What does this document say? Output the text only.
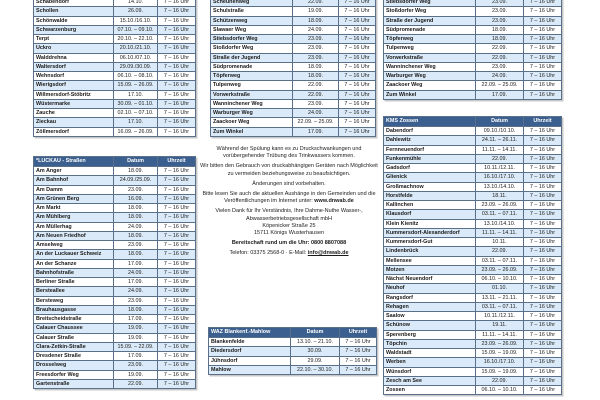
Schabendorf	14.10.	7 – 16 Uhr
Schollen	26.09.	7 – 16 Uhr
Schönwalde	15.10./16.10.	7 – 16 Uhr
Schwarzenburg	07.10. – 09.10.	7 – 16 Uhr
Terpt	20.10. – 22.10.	7 – 16 Uhr
Uckro	20.10./21.10.	7 – 16 Uhr
Walddrehna	06.10./07.10.	7 – 16 Uhr
Waltersdorf	29.09./30.09.	7 – 16 Uhr
Wehnsdorf	06.10. – 08.10.	7 – 16 Uhr
Wierigsdorf	15.09. – 26.09.	7 – 16 Uhr
Willmersdorf-Stöbritz	17.10.	7 – 16 Uhr
Wüstermarke	30.09. – 01.10.	7 – 16 Uhr
Zauche	02.10. – 07.10.	7 – 16 Uhr
Zieckau	17.10.	7 – 16 Uhr
Zöllmersdorf	16.09. – 26.09.	7 – 16 Uhr
*LUCKAU - Straßen	Datum	Uhrzeit
Am Anger	18.09.	7 – 16 Uhr
Am Bahnhof	24.09./25.09.	7 – 16 Uhr
Am Damm	23.09.	7 – 16 Uhr
Am Grünen Berg	16.09.	7 – 16 Uhr
Am Markt	18.09.	7 – 16 Uhr
Am Mühlberg	18.09.	7 – 16 Uhr
Am Müllerhag	24.09.	7 – 16 Uhr
Am Neuen Friedhof	18.09.	7 – 16 Uhr
Amselweg	23.09.	7 – 16 Uhr
An der Luckauer Schweiz	18.09.	7 – 16 Uhr
An der Schanze	17.09.	7 – 16 Uhr
Bahnhofstraße	24.09.	7 – 16 Uhr
Berliner Straße	17.09.	7 – 16 Uhr
Bersteallee	24.09.	7 – 16 Uhr
Bersteweg	23.09.	7 – 16 Uhr
Brauhausgasse	18.09.	7 – 16 Uhr
Breitscheidstraße	17.09.	7 – 16 Uhr
Calauer Chaussee	19.09.	7 – 16 Uhr
Calauer Straße	19.09.	7 – 16 Uhr
Clara-Zetkin-Straße	15.09. – 22.09.	7 – 16 Uhr
Dresdener Straße	17.09.	7 – 16 Uhr
Drosselweg	23.09.	7 – 16 Uhr
Freesdorfer Weg	19.09.	7 – 16 Uhr
Gartenstraße	22.09.	7 – 16 Uhr
Scheunenweg	22.09.	7 – 16 Uhr
Schulstraße	19.09.	7 – 16 Uhr
Schützenweg	18.09.	7 – 16 Uhr
Slawaer Weg	24.09.	7 – 16 Uhr
Stiebsdorfer Weg	23.09.	7 – 16 Uhr
Stoßdorfer Weg	23.09.	7 – 16 Uhr
Straße der Jugend	23.09.	7 – 16 Uhr
Südpromenade	18.09.	7 – 16 Uhr
Töpferweg	18.09.	7 – 16 Uhr
Tulpenweg	22.09.	7 – 16 Uhr
Vorwerkstraße	22.09.	7 – 16 Uhr
Wanninchener Weg	23.09.	7 – 16 Uhr
Warburger Weg	24.09.	7 – 16 Uhr
Zaackoer Weg	22.09. – 25.09.	7 – 16 Uhr
Zum Winkel	17.09.	7 – 16 Uhr
Stiebsdorfer Weg	23.09.	7 – 16 Uhr
Stoßdorfer Weg	23.09.	7 – 16 Uhr
Straße der Jugend	23.09.	7 – 16 Uhr
Südpromenade	18.09.	7 – 16 Uhr
Töpferweg	18.09.	7 – 16 Uhr
Tulpenweg	22.09.	7 – 16 Uhr
Vorwerkstraße	22.09.	7 – 16 Uhr
Wanninchener Weg	23.09.	7 – 16 Uhr
Warburger Weg	24.09.	7 – 16 Uhr
Zaackoer Weg	22.09. – 25.09.	7 – 16 Uhr
Zum Winkel	17.09.	7 – 16 Uhr
KMS Zossen	Datum	Uhrzeit
Dabendorf	09.10./10.10.	7 – 16 Uhr
Dahlewitz	24.11. – 26.11.	7 – 16 Uhr
Fernneuendorf	11.11. – 14.11.	7 – 16 Uhr
Funkenmühle	22.09.	7 – 16 Uhr
Gadsdorf	10.11./12.11.	7 – 16 Uhr
Glienick	16.10./17.10.	7 – 16 Uhr
Großmachnow	13.10./14.10.	7 – 16 Uhr
Horstfelde	18.11.	7 – 16 Uhr
Kallinchen	23.09. – 26.09.	7 – 16 Uhr
Klausdorf	03.11. – 07.11.	7 – 16 Uhr
Klein Kienitz	13.10./14.10.	7 – 16 Uhr
Kummersdorf-Alexanderdorf	11.11. – 14.11.	7 – 16 Uhr
Kummersdorf-Gut	10.11.	7 – 16 Uhr
Lindenbrück	22.09.	7 – 16 Uhr
Mellensee	03.11. – 07.11.	7 – 16 Uhr
Motzen	23.09. – 26.09.	7 – 16 Uhr
Nächst Neuendorf	06.10. – 10.10.	7 – 16 Uhr
Neuhof	01.10.	7 – 16 Uhr
Rangsdorf	13.11. – 21.11.	7 – 16 Uhr
Rehagen	03.11. – 07.11.	7 – 16 Uhr
Saalow	10.11./12.11.	7 – 16 Uhr
Schünow	19.11.	7 – 16 Uhr
Sperenberg	11.11. – 14.11.	7 – 16 Uhr
Töpchin	23.09. – 26.09.	7 – 16 Uhr
Waldstadt	15.09. – 19.09.	7 – 16 Uhr
Werben	16.10./17.10.	7 – 16 Uhr
Wünsdorf	15.09. – 19.09.	7 – 16 Uhr
Zesch am See	22.09.	7 – 16 Uhr
Zossen	06.10. – 10.10.	7 – 16 Uhr

Während der Spülung kann es zu Druckschwankungen und vorübergehender Trübung des Trinkwassers kommen.

Wir bitten den Gebrauch von druckabhängigen Geräten nach Möglichkeit zu vermeiden beziehungsweise zu beaufsichtigen.

Änderungen sind vorbehalten.

Bitte lesen Sie auch die aktuellen Aushänge in den Gemeinden und die Veröffentlichungen im Internet unter: www.dnwab.de

Vielen Dank für Ihr Verständnis, Ihre Dahme-Nuthe Wasser-, Abwasserbetriebsgesellschaft mbH
Köpenicker Straße 25
15711 Königs Wusterhausen

Bereitschaft rund um die Uhr: 0800 8807088

Telefon: 03375 2568-0 · E-Mail: info@dnwab.de

WAZ Blankenf.-Mahlow	Datum	Uhrzeit
Blankenfelde	13.10. – 21.10.	7 – 16 Uhr
Diedersdorf	30.09.	7 – 16 Uhr
Jühnsdorf	29.09.	7 – 16 Uhr
Mahlow	22.10. – 30.10.	7 – 16 Uhr
